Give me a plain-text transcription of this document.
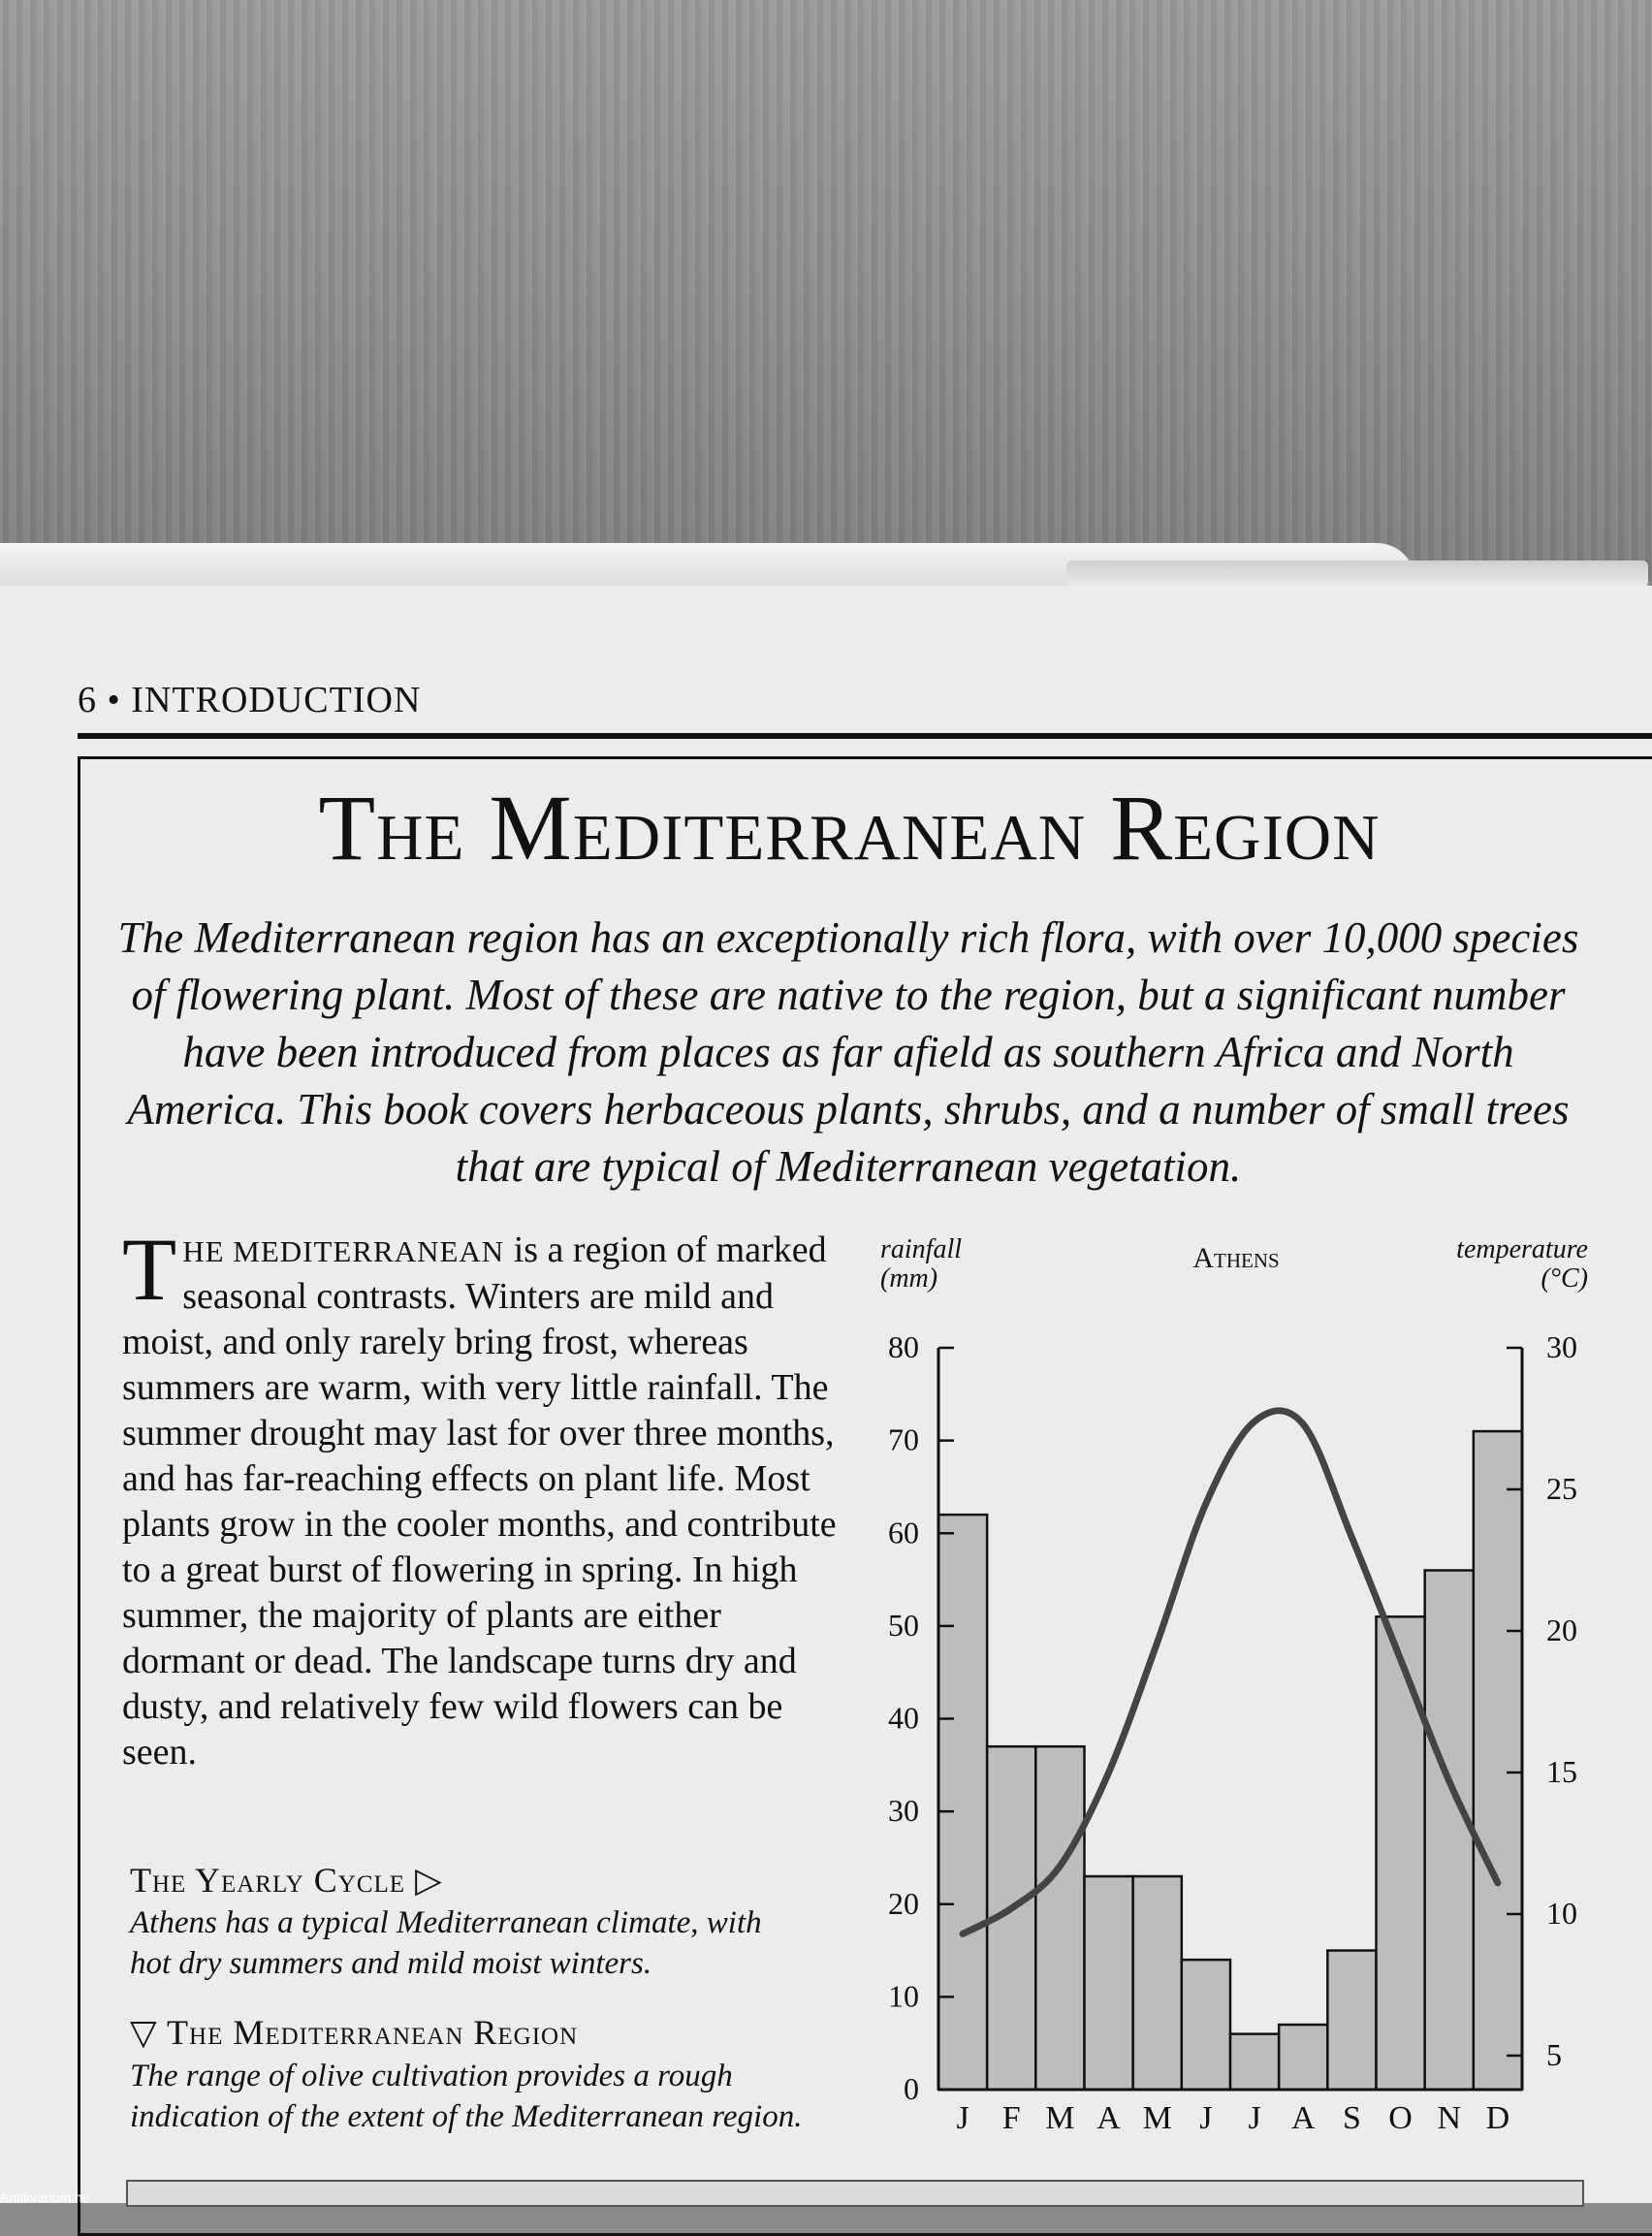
6 • INTRODUCTION
The Mediterranean Region
The Mediterranean region has an exceptionally rich flora, with over 10,000 species of flowering plant. Most of these are native to the region, but a significant number have been introduced from places as far afield as southern Africa and North America. This book covers herbaceous plants, shrubs, and a number of small trees that are typical of Mediterranean vegetation.
THE MEDITERRANEAN is a region of marked seasonal contrasts. Winters are mild and moist, and only rarely bring frost, whereas summers are warm, with very little rainfall. The summer drought may last for over three months, and has far-reaching effects on plant life. Most plants grow in the cooler months, and contribute to a great burst of flowering in spring. In high summer, the majority of plants are either dormant or dead. The landscape turns dry and dusty, and relatively few wild flowers can be seen.
The Yearly Cycle ▷
Athens has a typical Mediterranean climate, with hot dry summers and mild moist winters.
▽ The Mediterranean Region
The range of olive cultivation provides a rough indication of the extent of the Mediterranean region.
rainfall
(mm)
Athens	temperature
(°C)
0
10
20
30
40
50
60
70
80
5
10
15
20
25
30
J F M A M J J A S O N D
Antikvarium.hu
